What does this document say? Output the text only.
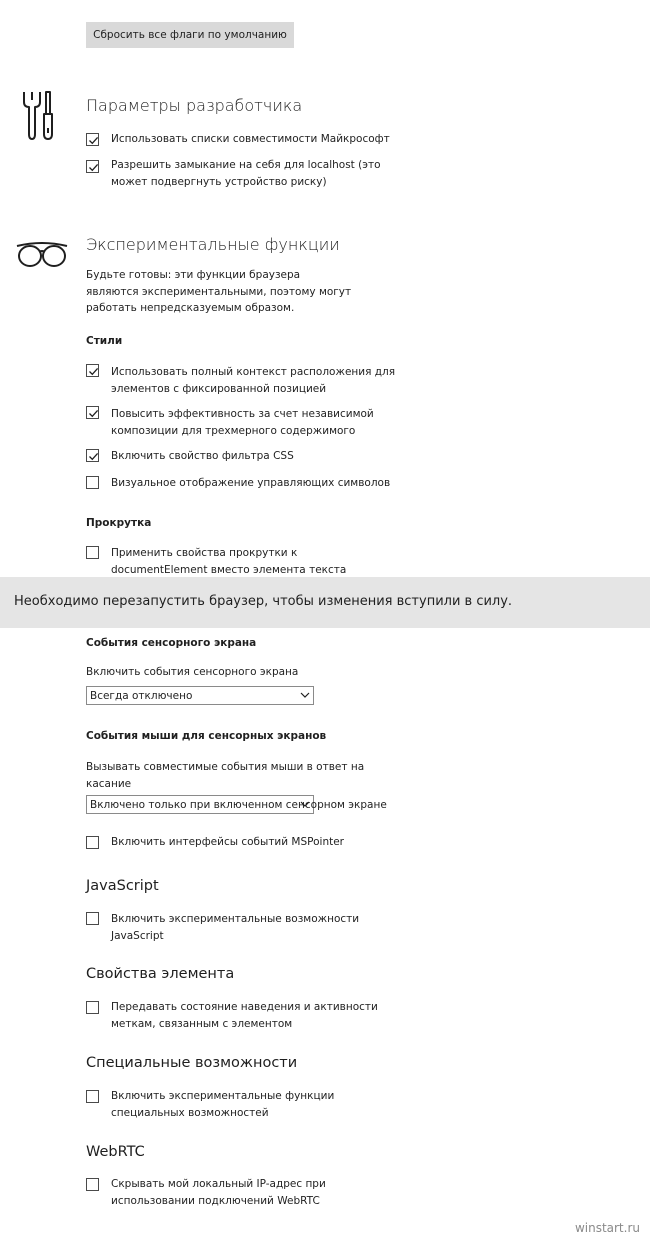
Сбросить все флаги по умолчанию
Параметры разработчика
Использовать списки совместимости Майкрософт
Разрешить замыкание на себя для localhost (это может подвергнуть устройство риску)
Экспериментальные функции
Будьте готовы: эти функции браузера являются экспериментальными, поэтому могут работать непредсказуемым образом.
Стили
Использовать полный контекст расположения для элементов с фиксированной позицией
Повысить эффективность за счет независимой композиции для трехмерного содержимого
Включить свойство фильтра CSS
Визуальное отображение управляющих символов
Прокрутка
Применить свойства прокрутки к documentElement вместо элемента текста
Необходимо перезапустить браузер, чтобы изменения вступили в силу.
События сенсорного экрана
Включить события сенсорного экрана
Всегда отключено
События мыши для сенсорных экранов
Вызывать совместимые события мыши в ответ на касание
Включено только при включенном сенсорном экране
Включить интерфейсы событий MSPointer
JavaScript
Включить экспериментальные возможности JavaScript
Свойства элемента
Передавать состояние наведения и активности меткам, связанным с элементом
Специальные возможности
Включить экспериментальные функции специальных возможностей
WebRTC
Скрывать мой локальный IP-адрес при использовании подключений WebRTC
winstart.ru
